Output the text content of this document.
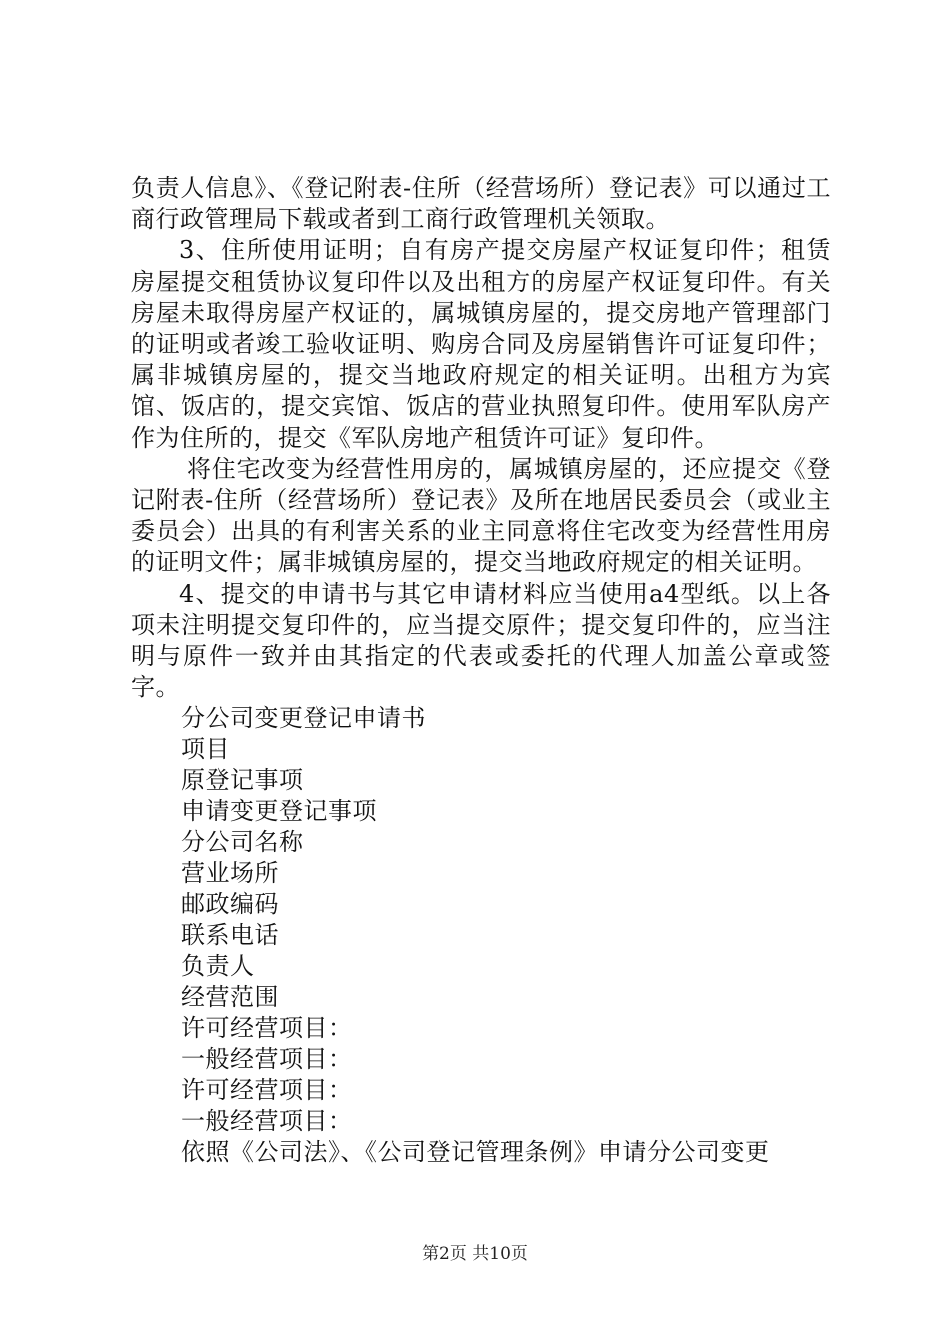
负责人信息》、《登记附表-住所（经营场所）登记表》可以通过工商行政管理局下载或者到工商行政管理机关领取。

3、住所使用证明；自有房产提交房屋产权证复印件；租赁房屋提交租赁协议复印件以及出租方的房屋产权证复印件。有关房屋未取得房屋产权证的，属城镇房屋的，提交房地产管理部门的证明或者竣工验收证明、购房合同及房屋销售许可证复印件；属非城镇房屋的，提交当地政府规定的相关证明。出租方为宾馆、饭店的，提交宾馆、饭店的营业执照复印件。使用军队房产作为住所的，提交《军队房地产租赁许可证》复印件。

将住宅改变为经营性用房的，属城镇房屋的，还应提交《登记附表-住所（经营场所）登记表》及所在地居民委员会（或业主委员会）出具的有利害关系的业主同意将住宅改变为经营性用房的证明文件；属非城镇房屋的，提交当地政府规定的相关证明。

4、提交的申请书与其它申请材料应当使用a4型纸。以上各项未注明提交复印件的，应当提交原件；提交复印件的，应当注明与原件一致并由其指定的代表或委托的代理人加盖公章或签字。

分公司变更登记申请书

项目

原登记事项

申请变更登记事项

分公司名称

营业场所

邮政编码

联系电话

负责人

经营范围

许可经营项目：

一般经营项目：

许可经营项目：

一般经营项目：

依照《公司法》、《公司登记管理条例》申请分公司变更

第2页 共10页
